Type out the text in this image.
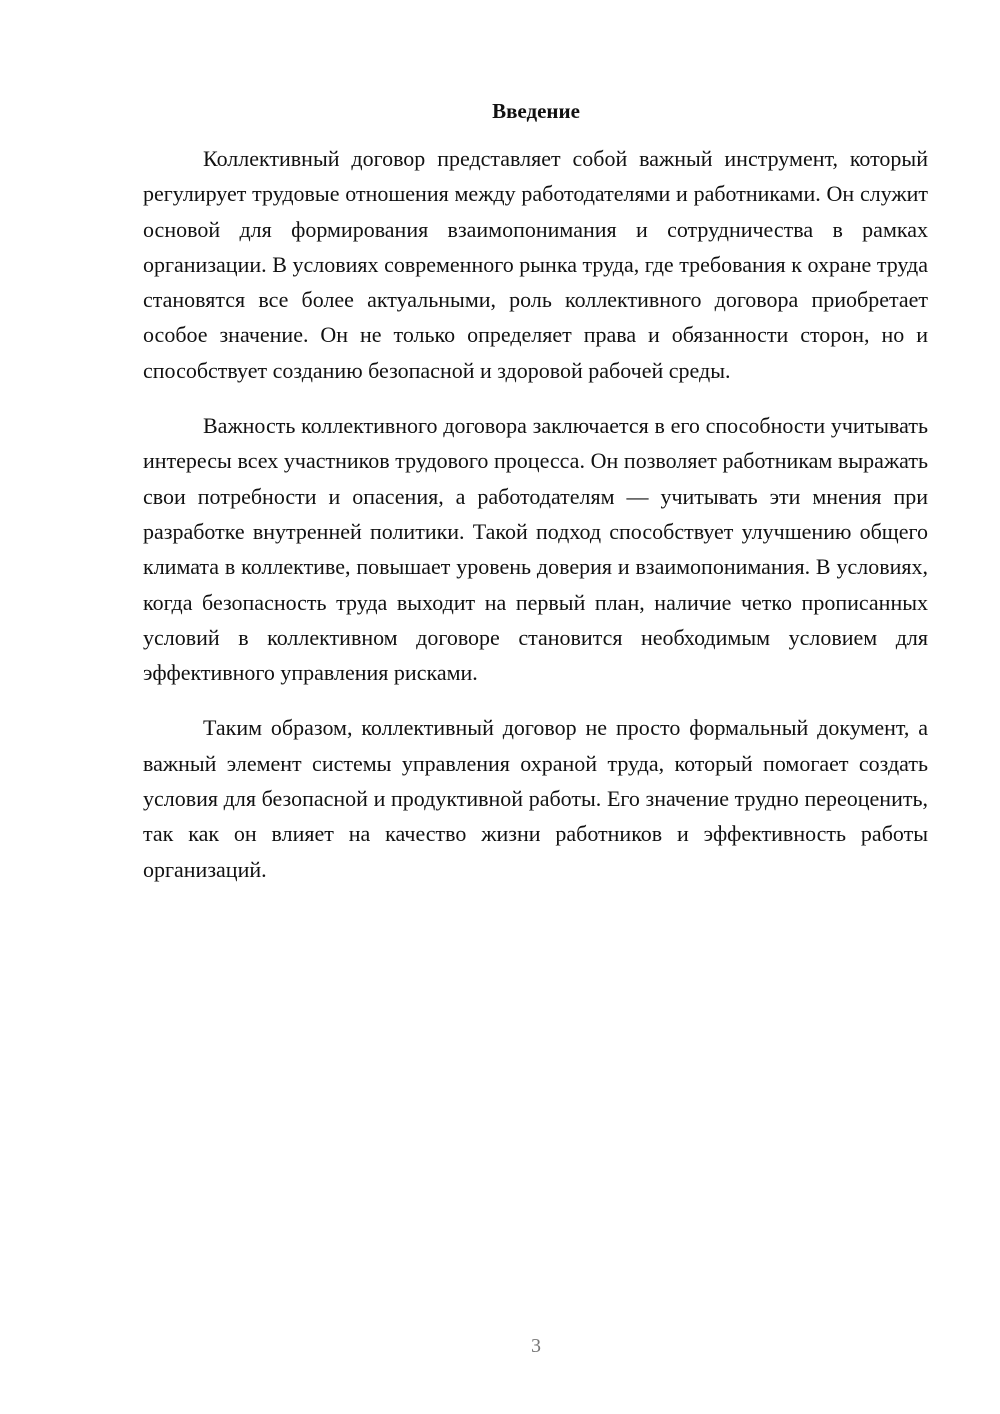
Введение

Коллективный договор представляет собой важный инструмент, который регулирует трудовые отношения между работодателями и работниками. Он служит основой для формирования взаимопонимания и сотрудничества в рамках организации. В условиях современного рынка труда, где требования к охране труда становятся все более актуальными, роль коллективного договора приобретает особое значение. Он не только определяет права и обязанности сторон, но и способствует созданию безопасной и здоровой рабочей среды.

Важность коллективного договора заключается в его способности учитывать интересы всех участников трудового процесса. Он позволяет работникам выражать свои потребности и опасения, а работодателям — учитывать эти мнения при разработке внутренней политики. Такой подход способствует улучшению общего климата в коллективе, повышает уровень доверия и взаимопонимания. В условиях, когда безопасность труда выходит на первый план, наличие четко прописанных условий в коллективном договоре становится необходимым условием для эффективного управления рисками.

Таким образом, коллективный договор не просто формальный документ, а важный элемент системы управления охраной труда, который помогает создать условия для безопасной и продуктивной работы. Его значение трудно переоценить, так как он влияет на качество жизни работников и эффективность работы организаций.

3
